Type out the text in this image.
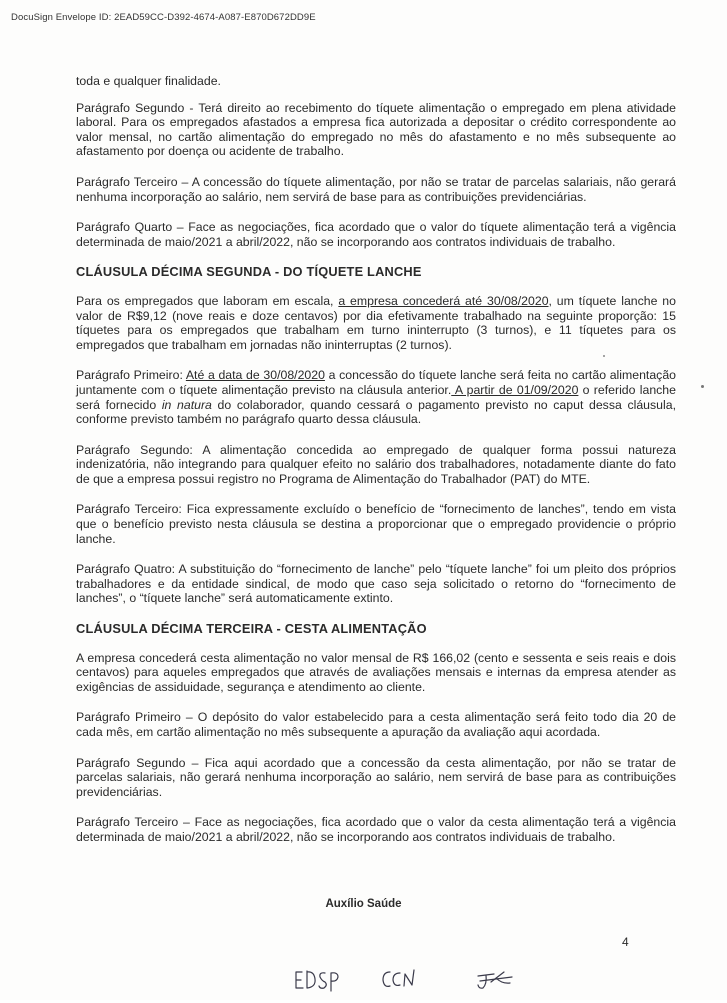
DocuSign Envelope ID: 2EAD59CC-D392-4674-A087-E870D672DD9E

toda e qualquer finalidade.

Parágrafo Segundo - Terá direito ao recebimento do tíquete alimentação o empregado em plena atividade laboral. Para os empregados afastados a empresa fica autorizada a depositar o crédito correspondente ao valor mensal, no cartão alimentação do empregado no mês do afastamento e no mês subsequente ao afastamento por doença ou acidente de trabalho.

Parágrafo Terceiro – A concessão do tíquete alimentação, por não se tratar de parcelas salariais, não gerará nenhuma incorporação ao salário, nem servirá de base para as contribuições previdenciárias.

Parágrafo Quarto – Face as negociações, fica acordado que o valor do tíquete alimentação terá a vigência determinada de maio/2021 a abril/2022, não se incorporando aos contratos individuais de trabalho.

CLÁUSULA DÉCIMA SEGUNDA - DO TÍQUETE LANCHE

Para os empregados que laboram em escala, a empresa concederá até 30/08/2020, um tíquete lanche no valor de R$9,12 (nove reais e doze centavos) por dia efetivamente trabalhado na seguinte proporção: 15 tíquetes para os empregados que trabalham em turno ininterrupto (3 turnos), e 11 tíquetes para os empregados que trabalham em jornadas não ininterruptas (2 turnos).

Parágrafo Primeiro: Até a data de 30/08/2020 a concessão do tíquete lanche será feita no cartão alimentação juntamente com o tíquete alimentação previsto na cláusula anterior. A partir de 01/09/2020 o referido lanche será fornecido in natura do colaborador, quando cessará o pagamento previsto no caput dessa cláusula, conforme previsto também no parágrafo quarto dessa cláusula.

Parágrafo Segundo: A alimentação concedida ao empregado de qualquer forma possui natureza indenizatória, não integrando para qualquer efeito no salário dos trabalhadores, notadamente diante do fato de que a empresa possui registro no Programa de Alimentação do Trabalhador (PAT) do MTE.

Parágrafo Terceiro: Fica expressamente excluído o benefício de “fornecimento de lanches”, tendo em vista que o benefício previsto nesta cláusula se destina a proporcionar que o empregado providencie o próprio lanche.

Parágrafo Quatro: A substituição do “fornecimento de lanche” pelo “tíquete lanche” foi um pleito dos próprios trabalhadores e da entidade sindical, de modo que caso seja solicitado o retorno do “fornecimento de lanches”, o “tíquete lanche” será automaticamente extinto.

CLÁUSULA DÉCIMA TERCEIRA - CESTA ALIMENTAÇÃO

A empresa concederá cesta alimentação no valor mensal de R$ 166,02 (cento e sessenta e seis reais e dois centavos) para aqueles empregados que através de avaliações mensais e internas da empresa atender as exigências de assiduidade, segurança e atendimento ao cliente.

Parágrafo Primeiro – O depósito do valor estabelecido para a cesta alimentação será feito todo dia 20 de cada mês, em cartão alimentação no mês subsequente a apuração da avaliação aqui acordada.

Parágrafo Segundo – Fica aqui acordado que a concessão da cesta alimentação, por não se tratar de parcelas salariais, não gerará nenhuma incorporação ao salário, nem servirá de base para as contribuições previdenciárias.

Parágrafo Terceiro – Face as negociações, fica acordado que o valor da cesta alimentação terá a vigência determinada de maio/2021 a abril/2022, não se incorporando aos contratos individuais de trabalho.

Auxílio Saúde
4
